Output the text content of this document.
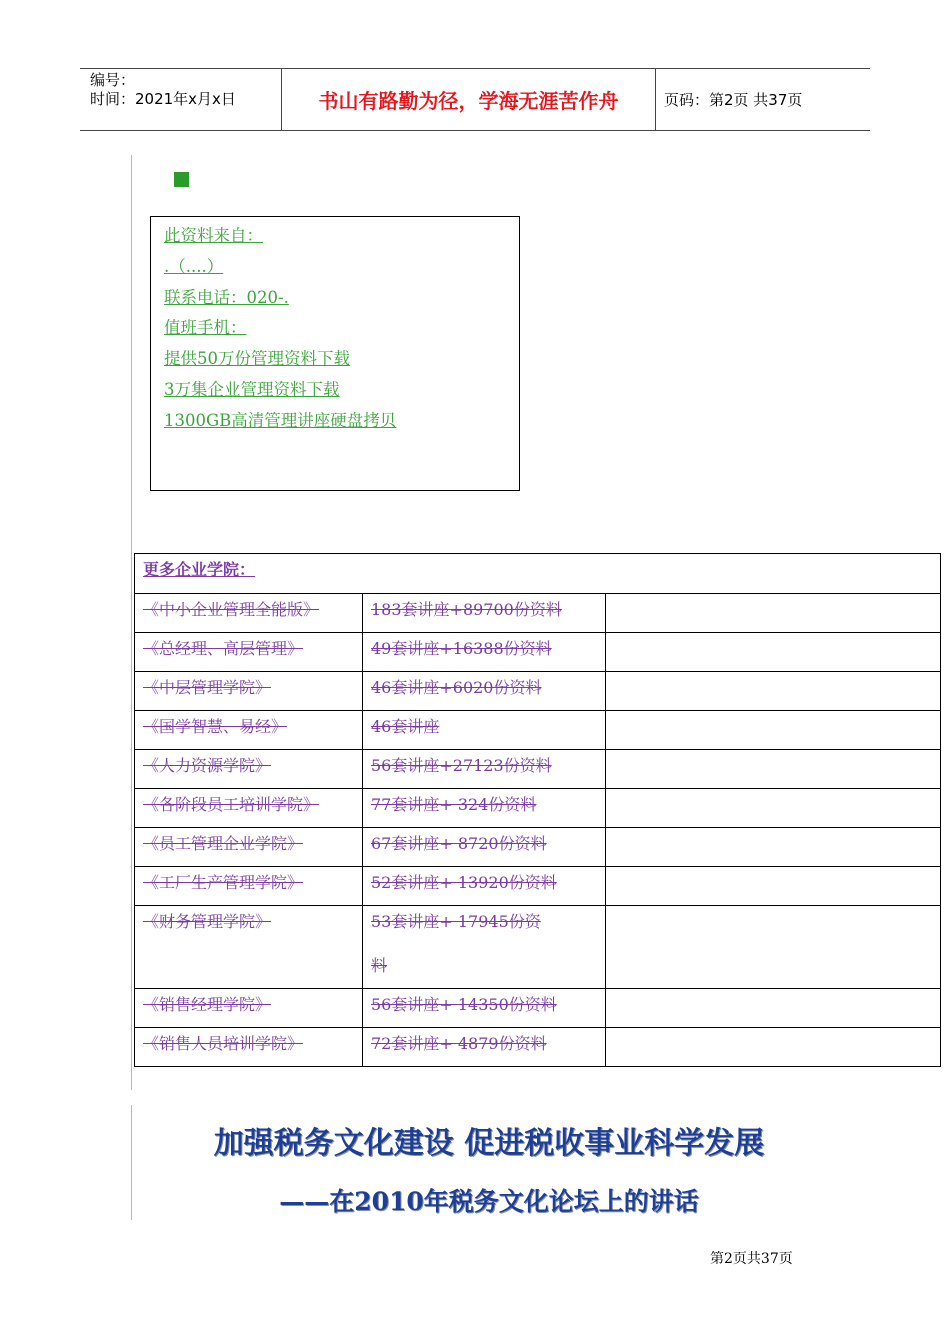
编号：
时间：2021年x月x日	书山有路勤为径，学海无涯苦作舟	页码：第2页 共37页
此资料来自：
.（....）
联系电话：020-.
值班手机：
提供50万份管理资料下载
3万集企业管理资料下载
1300GB高清管理讲座硬盘拷贝
更多企业学院：		
《中小企业管理全能版》	183套讲座+89700份资料	
《总经理、高层管理》	49套讲座+16388份资料	
《中层管理学院》	46套讲座+6020份资料	
《国学智慧、易经》	46套讲座	
《人力资源学院》	56套讲座+27123份资料	
《各阶段员工培训学院》	77套讲座+ 324份资料	
《员工管理企业学院》	67套讲座+ 8720份资料	
《工厂生产管理学院》	52套讲座+ 13920份资料	
《财务管理学院》	53套讲座+ 17945份资
料	

《销售经理学院》	56套讲座+ 14350份资料	
《销售人员培训学院》	72套讲座+ 4879份资料	
加强税务文化建设 促进税收事业科学发展
——在2010年税务文化论坛上的讲话
第2页共37页
